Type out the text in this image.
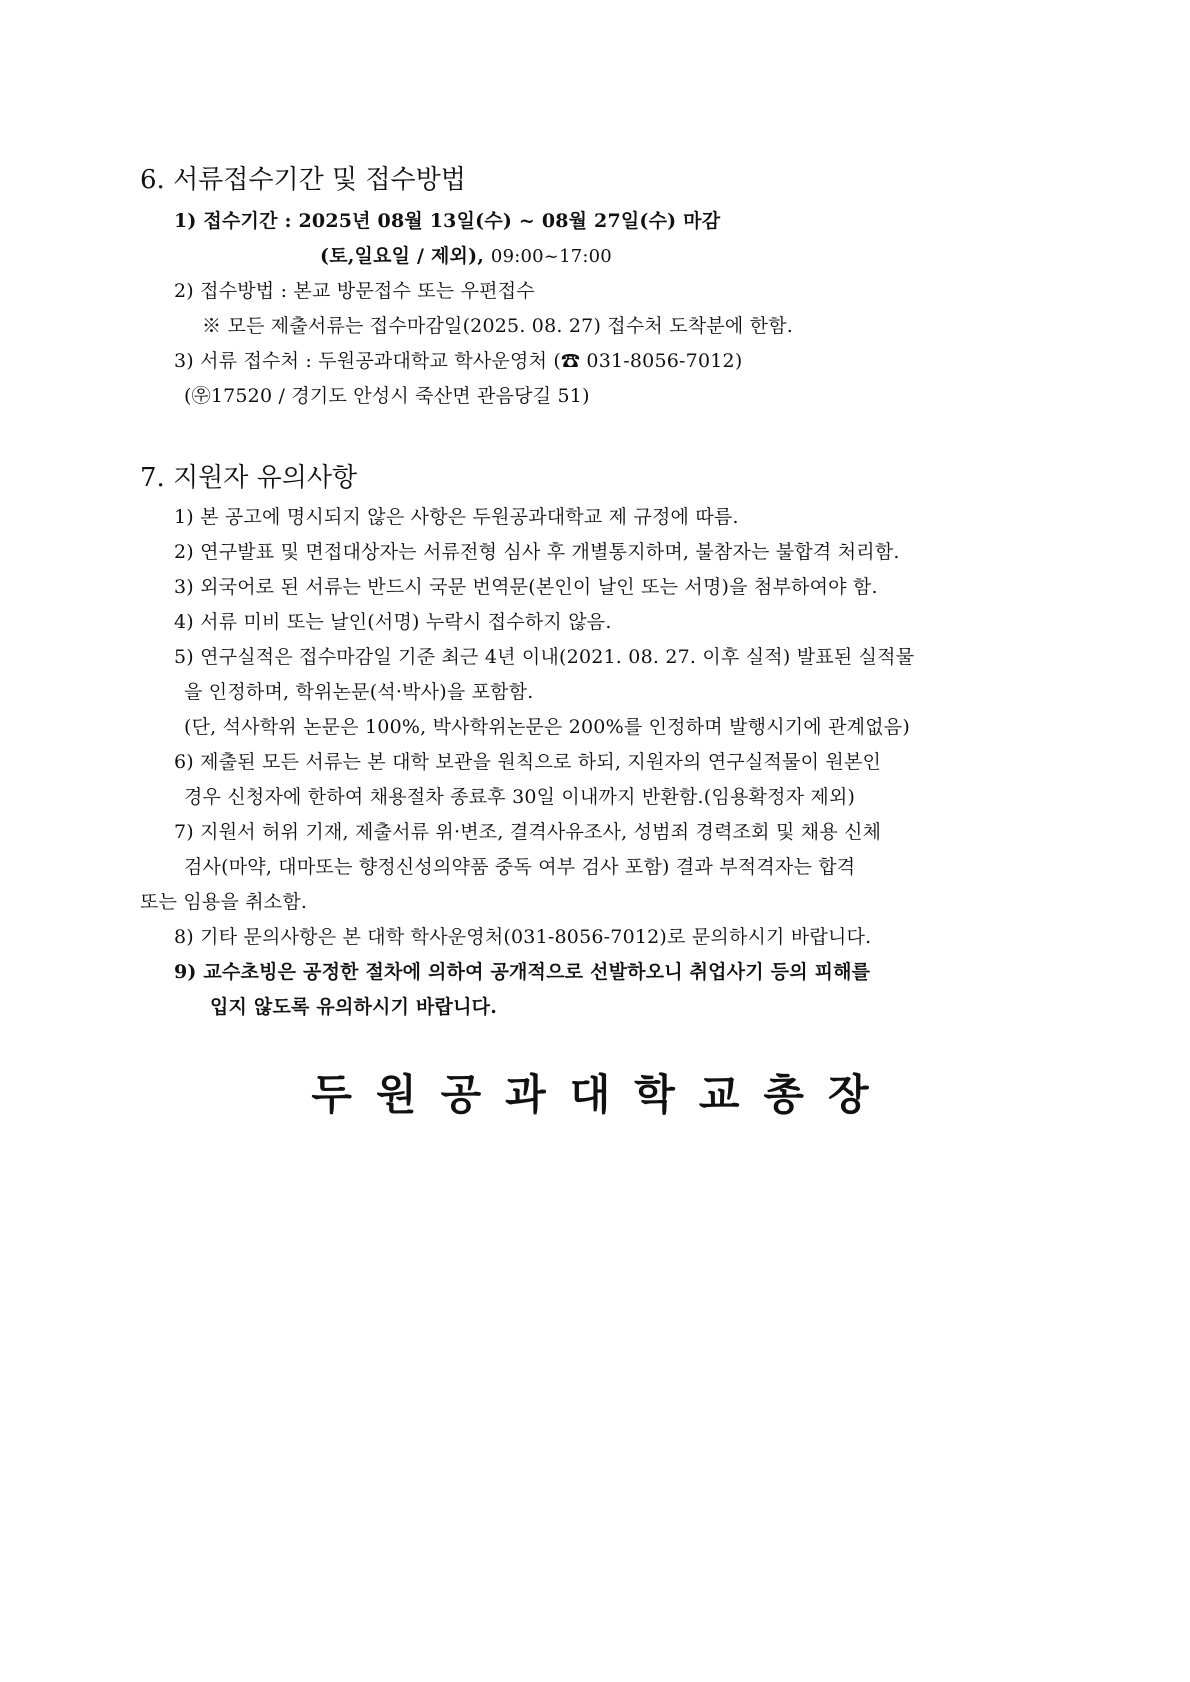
6. 서류접수기간 및 접수방법
1) 접수기간 : 2025년 08월 13일(수) ~ 08월 27일(수) 마감
(토,일요일 / 제외), 09:00~17:00
2) 접수방법 : 본교 방문접수 또는 우편접수
※ 모든 제출서류는 접수마감일(2025. 08. 27) 접수처 도착분에 한함.
3) 서류 접수처 : 두원공과대학교 학사운영처 (☎ 031-8056-7012)
(㉾17520 / 경기도 안성시 죽산면 관음당길 51)
7. 지원자 유의사항
1) 본 공고에 명시되지 않은 사항은 두원공과대학교 제 규정에 따름.
2) 연구발표 및 면접대상자는 서류전형 심사 후 개별통지하며, 불참자는 불합격 처리함.
3) 외국어로 된 서류는 반드시 국문 번역문(본인이 날인 또는 서명)을 첨부하여야 함.
4) 서류 미비 또는 날인(서명) 누락시 접수하지 않음.
5) 연구실적은 접수마감일 기준 최근 4년 이내(2021. 08. 27. 이후 실적) 발표된 실적물
을 인정하며, 학위논문(석·박사)을 포함함.
(단, 석사학위 논문은 100%, 박사학위논문은 200%를 인정하며 발행시기에 관계없음)
6) 제출된 모든 서류는 본 대학 보관을 원칙으로 하되, 지원자의 연구실적물이 원본인
경우 신청자에 한하여 채용절차 종료후 30일 이내까지 반환함.(임용확정자 제외)
7) 지원서 허위 기재, 제출서류 위·변조, 결격사유조사, 성범죄 경력조회 및 채용 신체
검사(마약, 대마또는 향정신성의약품 중독 여부 검사 포함) 결과 부적격자는 합격
또는 임용을 취소함.
8) 기타 문의사항은 본 대학 학사운영처(031-8056-7012)로 문의하시기 바랍니다.
9) 교수초빙은 공정한 절차에 의하여 공개적으로 선발하오니 취업사기 등의 피해를
입지 않도록 유의하시기 바랍니다.
두원공과대학교총장
